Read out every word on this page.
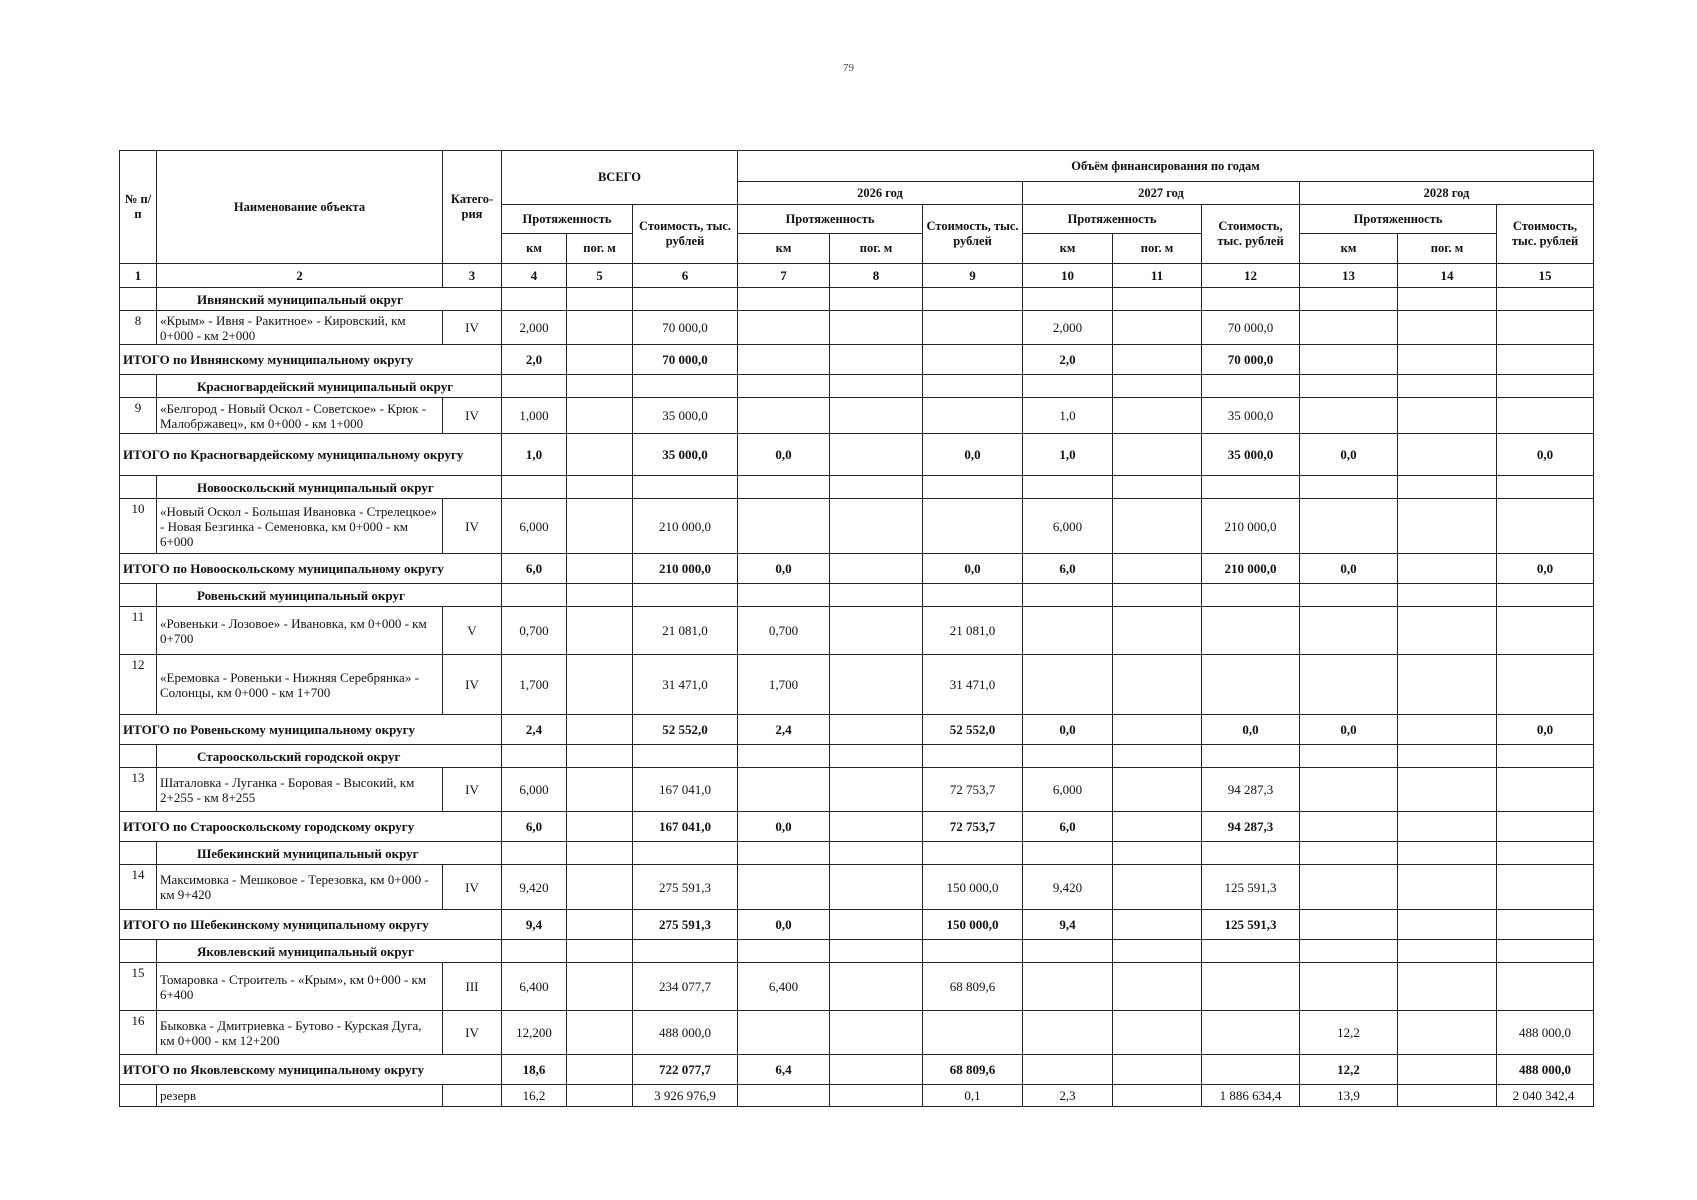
79
№ п/п	Наименование объекта	Катего-рия	ВСЕГО			Объём финансирования по годам								
						2026 год			2027 год			2028 год		
			Протяженность		Стоимость, тыс. рублей	Протяженность		Стоимость, тыс. рублей	Протяженность		Стоимость, тыс. рублей	Протяженность		Стоимость, тыс. рублей
			км	пог. м		км	пог. м		км	пог. м		км	пог. м	
1	2	3	4	5	6	7	8	9	10	11	12	13	14	15
	Ивнянский муниципальный округ													
8	«Крым» - Ивня - Ракитное» - Кировский, км 0+000 - км 2+000	IV	2,000		70 000,0				2,000		70 000,0			
ИТОГО по Ивнянскому муниципальному округу			2,0		70 000,0				2,0		70 000,0			
	Красногвардейский муниципальный округ													
9	«Белгород - Новый Оскол - Советское» - Крюк - Малобржавец», км 0+000 - км 1+000	IV	1,000		35 000,0				1,0		35 000,0			
ИТОГО по Красногвардейскому муниципальному округу			1,0		35 000,0	0,0		0,0	1,0		35 000,0	0,0		0,0
	Новооскольский муниципальный округ													
10	«Новый Оскол - Большая Ивановка - Стрелецкое» - Новая Безгинка - Семеновка, км 0+000 - км 6+000	IV	6,000		210 000,0				6,000		210 000,0			
ИТОГО по Новооскольскому муниципальному округу			6,0		210 000,0	0,0		0,0	6,0		210 000,0	0,0		0,0
	Ровеньский муниципальный округ													
11	«Ровеньки - Лозовое» - Ивановка, км 0+000 - км 0+700	V	0,700		21 081,0	0,700		21 081,0						
12	«Еремовка - Ровеньки - Нижняя Серебрянка» - Солонцы, км 0+000 - км 1+700	IV	1,700		31 471,0	1,700		31 471,0						
ИТОГО по Ровеньскому муниципальному округу			2,4		52 552,0	2,4		52 552,0	0,0		0,0	0,0		0,0
	Старооскольский городской округ													
13	Шаталовка - Луганка - Боровая - Высокий, км 2+255 - км 8+255	IV	6,000		167 041,0			72 753,7	6,000		94 287,3			
ИТОГО по Старооскольскому городскому округу			6,0		167 041,0	0,0		72 753,7	6,0		94 287,3			
	Шебекинский муниципальный округ													
14	Максимовка - Мешковое - Терезовка, км 0+000 - км 9+420	IV	9,420		275 591,3			150 000,0	9,420		125 591,3			
ИТОГО по Шебекинскому муниципальному округу			9,4		275 591,3	0,0		150 000,0	9,4		125 591,3			
	Яковлевский муниципальный округ													
15	Томаровка - Строитель - «Крым», км 0+000 - км 6+400	III	6,400		234 077,7	6,400		68 809,6						
16	Быковка - Дмитриевка - Бутово - Курская Дуга, км 0+000 - км 12+200	IV	12,200		488 000,0							12,2		488 000,0
ИТОГО по Яковлевскому муниципальному округу			18,6		722 077,7	6,4		68 809,6				12,2		488 000,0
	резерв		16,2		3 926 976,9			0,1	2,3		1 886 634,4	13,9		2 040 342,4
